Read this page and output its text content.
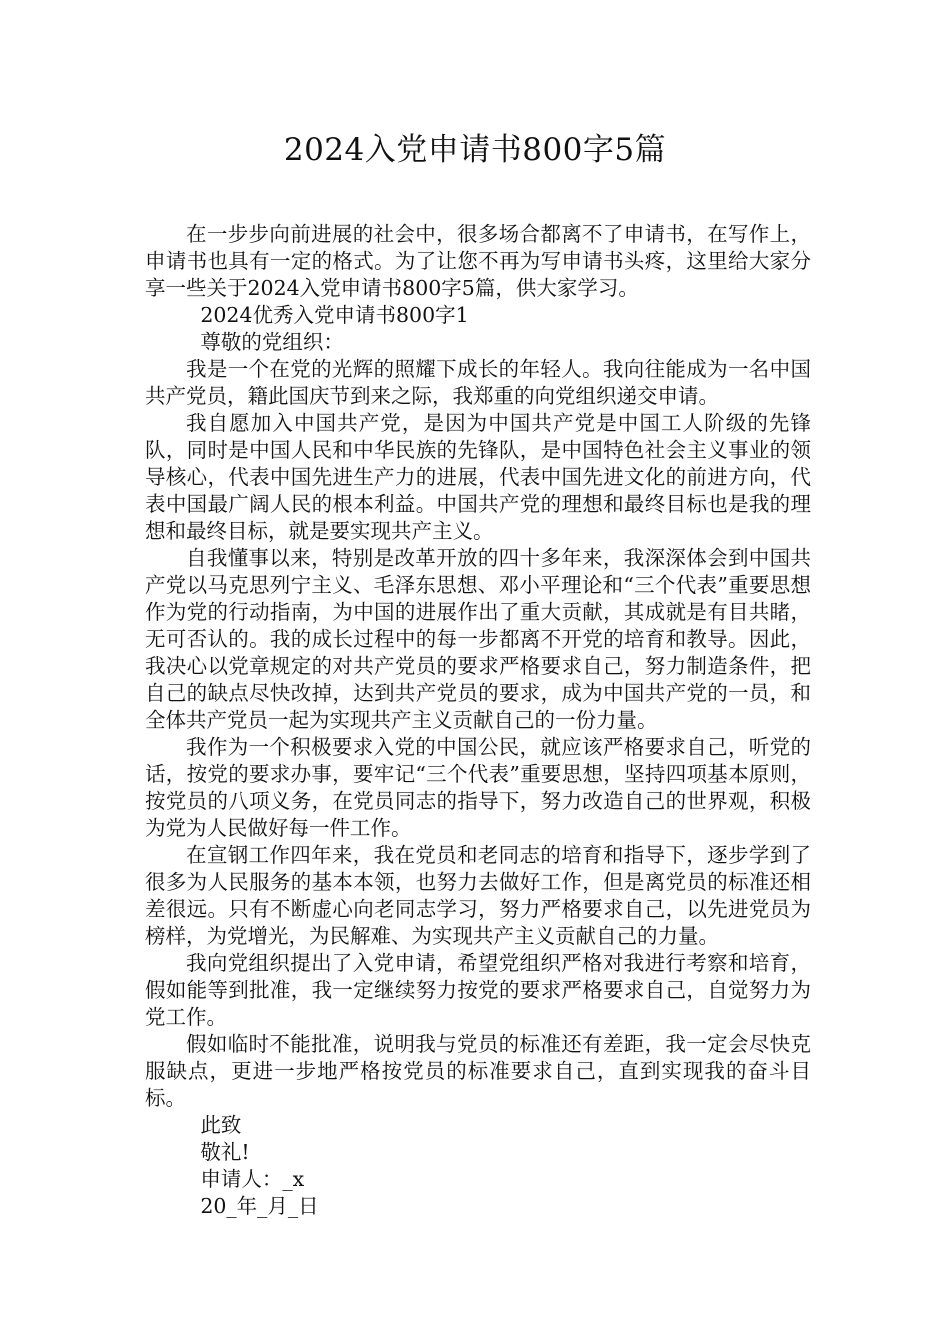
2024入党申请书800字5篇

在一步步向前进展的社会中，很多场合都离不了申请书，在写作上，申请书也具有一定的格式。为了让您不再为写申请书头疼，这里给大家分享一些关于2024入党申请书800字5篇，供大家学习。

2024优秀入党申请书800字1

尊敬的党组织：

我是一个在党的光辉的照耀下成长的年轻人。我向往能成为一名中国共产党员，籍此国庆节到来之际，我郑重的向党组织递交申请。

我自愿加入中国共产党，是因为中国共产党是中国工人阶级的先锋队，同时是中国人民和中华民族的先锋队，是中国特色社会主义事业的领导核心，代表中国先进生产力的进展，代表中国先进文化的前进方向，代表中国最广阔人民的根本利益。中国共产党的理想和最终目标也是我的理想和最终目标，就是要实现共产主义。

自我懂事以来，特别是改革开放的四十多年来，我深深体会到中国共产党以马克思列宁主义、毛泽东思想、邓小平理论和“三个代表”重要思想作为党的行动指南，为中国的进展作出了重大贡献，其成就是有目共睹，无可否认的。我的成长过程中的每一步都离不开党的培育和教导。因此，我决心以党章规定的对共产党员的要求严格要求自己，努力制造条件，把自己的缺点尽快改掉，达到共产党员的要求，成为中国共产党的一员，和全体共产党员一起为实现共产主义贡献自己的一份力量。

我作为一个积极要求入党的中国公民，就应该严格要求自己，听党的话，按党的要求办事，要牢记“三个代表”重要思想，坚持四项基本原则，按党员的八项义务，在党员同志的指导下，努力改造自己的世界观，积极为党为人民做好每一件工作。

在宣钢工作四年来，我在党员和老同志的培育和指导下，逐步学到了很多为人民服务的基本本领，也努力去做好工作，但是离党员的标准还相差很远。只有不断虚心向老同志学习，努力严格要求自己，以先进党员为榜样，为党增光，为民解难、为实现共产主义贡献自己的力量。

我向党组织提出了入党申请，希望党组织严格对我进行考察和培育，假如能等到批准，我一定继续努力按党的要求严格要求自己，自觉努力为党工作。

假如临时不能批准，说明我与党员的标准还有差距，我一定会尽快克服缺点，更进一步地严格按党员的标准要求自己，直到实现我的奋斗目标。

此致

敬礼!

申请人：_x

20_年_月_日
